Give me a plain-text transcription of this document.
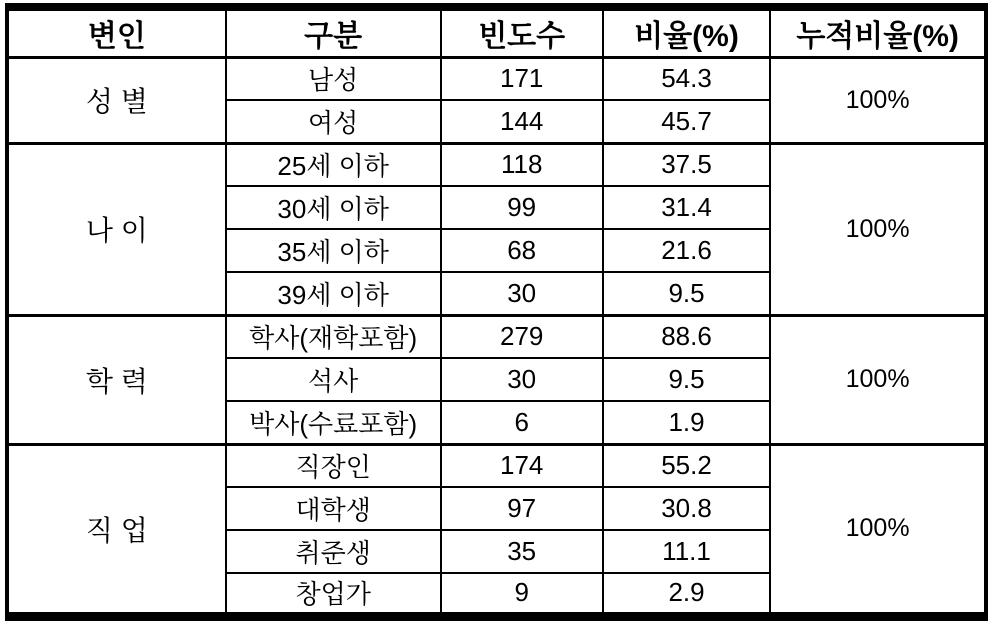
변인	구분	빈도수	비율(%)	누적비율(%)
성별	남성	171	54.3	100%
	여성	144	45.7	
나이	25세 이하	118	37.5	100%
	30세 이하	99	31.4	
	35세 이하	68	21.6	
	39세 이하	30	9.5	
학력	학사(재학포함)	279	88.6	100%
	석사	30	9.5	
	박사(수료포함)	6	1.9	
직업	직장인	174	55.2	100%
	대학생	97	30.8	
	취준생	35	11.1	
	창업가	9	2.9	
